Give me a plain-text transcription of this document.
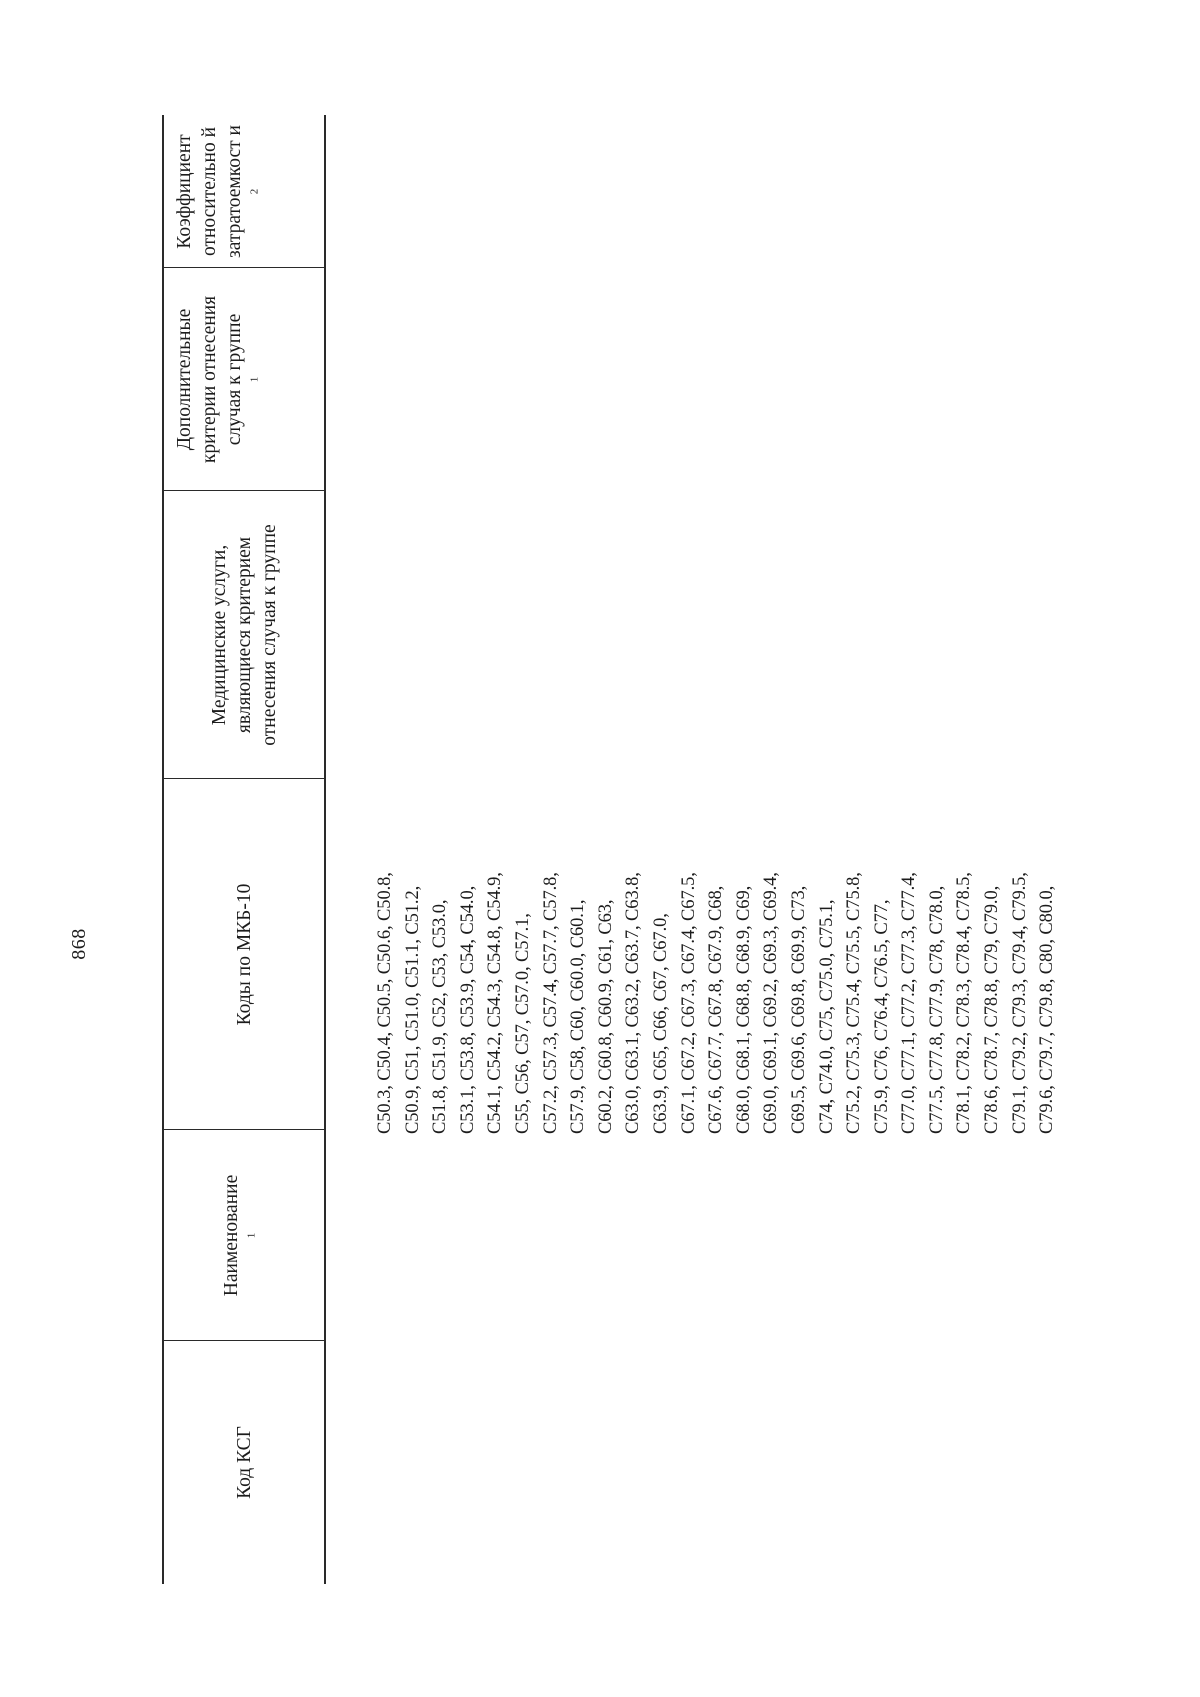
868
Код КСГ
Наименование $^1$
Коды по МКБ-10
Медицинские услуги, являющиеся критерием отнесения случая к группе
Дополнительные критерии отнесения случая к группе $^1$
Коэффициент относительно й затратоемкост и $^2$
C50.3, C50.4, C50.5, C50.6, C50.8, C50.9, C51, C51.0, C51.1, C51.2, C51.8, C51.9, C52, C53, C53.0, C53.1, C53.8, C53.9, C54, C54.0, C54.1, C54.2, C54.3, C54.8, C54.9, C55, C56, C57, C57.0, C57.1, C57.2, C57.3, C57.4, C57.7, C57.8, C57.9, C58, C60, C60.0, C60.1, C60.2, C60.8, C60.9, C61, C63, C63.0, C63.1, C63.2, C63.7, C63.8, C63.9, C65, C66, C67, C67.0, C67.1, C67.2, C67.3, C67.4, C67.5, C67.6, C67.7, C67.8, C67.9, C68, C68.0, C68.1, C68.8, C68.9, C69, C69.0, C69.1, C69.2, C69.3, C69.4, C69.5, C69.6, C69.8, C69.9, C73, C74, C74.0, C75, C75.0, C75.1, C75.2, C75.3, C75.4, C75.5, C75.8, C75.9, C76, C76.4, C76.5, C77, C77.0, C77.1, C77.2, C77.3, C77.4, C77.5, C77.8, C77.9, C78, C78.0, C78.1, C78.2, C78.3, C78.4, C78.5, C78.6, C78.7, C78.8, C79, C79.0, C79.1, C79.2, C79.3, C79.4, C79.5, C79.6, C79.7, C79.8, C80, C80.0,
